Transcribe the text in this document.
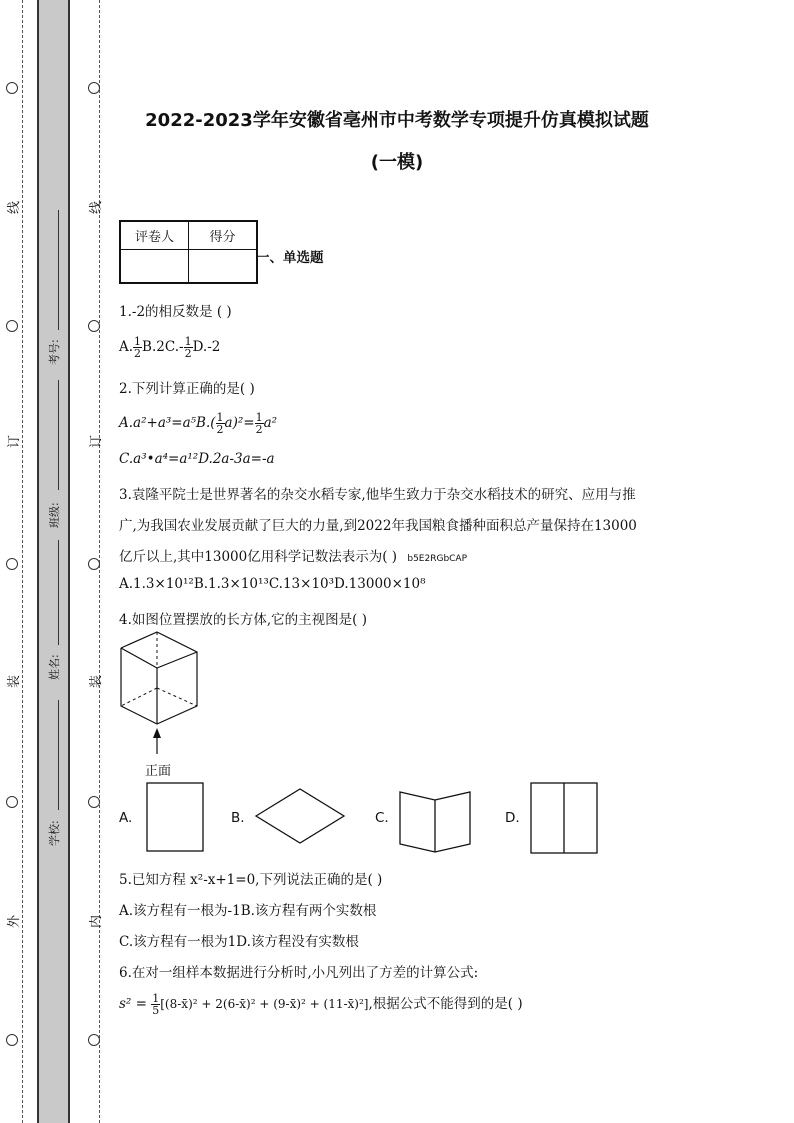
线
订
装
外
线
订
装
内
考号:
班级:
姓名:
学校:
2022-2023学年安徽省亳州市中考数学专项提升仿真模拟试题
(一模)
评卷人	得分

一、单选题
1.-2的相反数是 ( )
A. $\frac{1}{2} B.2C.- \frac{1}{2} D.-2$
2.下列计算正确的是( )
$A.a^2+a^3=a^5B.( \frac{1}{2} a)^2= \frac{1}{2} a^2$
C.a³•a⁴=a¹²D.2a-3a=-a
3.袁隆平院士是世界著名的杂交水稻专家,他毕生致力于杂交水稻技术的研究、应用与推
广,为我国农业发展贡献了巨大的力量,到2022年我国粮食播种面积总产量保持在13000
亿斤以上,其中13000亿用科学记数法表示为( ) b5E2RGbCAP
A.1.3×10¹²B.1.3×10¹³C.13×10³D.13000×10⁸
4.如图位置摆放的长方体,它的主视图是( )
正面
A.	B.	C.	D.
5.已知方程 x²-x+1=0,下列说法正确的是( )
A.该方程有一根为-1B.该方程有两个实数根
C.该方程有一根为1D.该方程没有实数根
6.在对一组样本数据进行分析时,小凡列出了方差的计算公式:
$s^2 = \frac{1}{5}$ [(8-x̄)² + 2(6-x̄)² + (9-x̄)² + (11-x̄)²],根据公式不能得到的是( )
